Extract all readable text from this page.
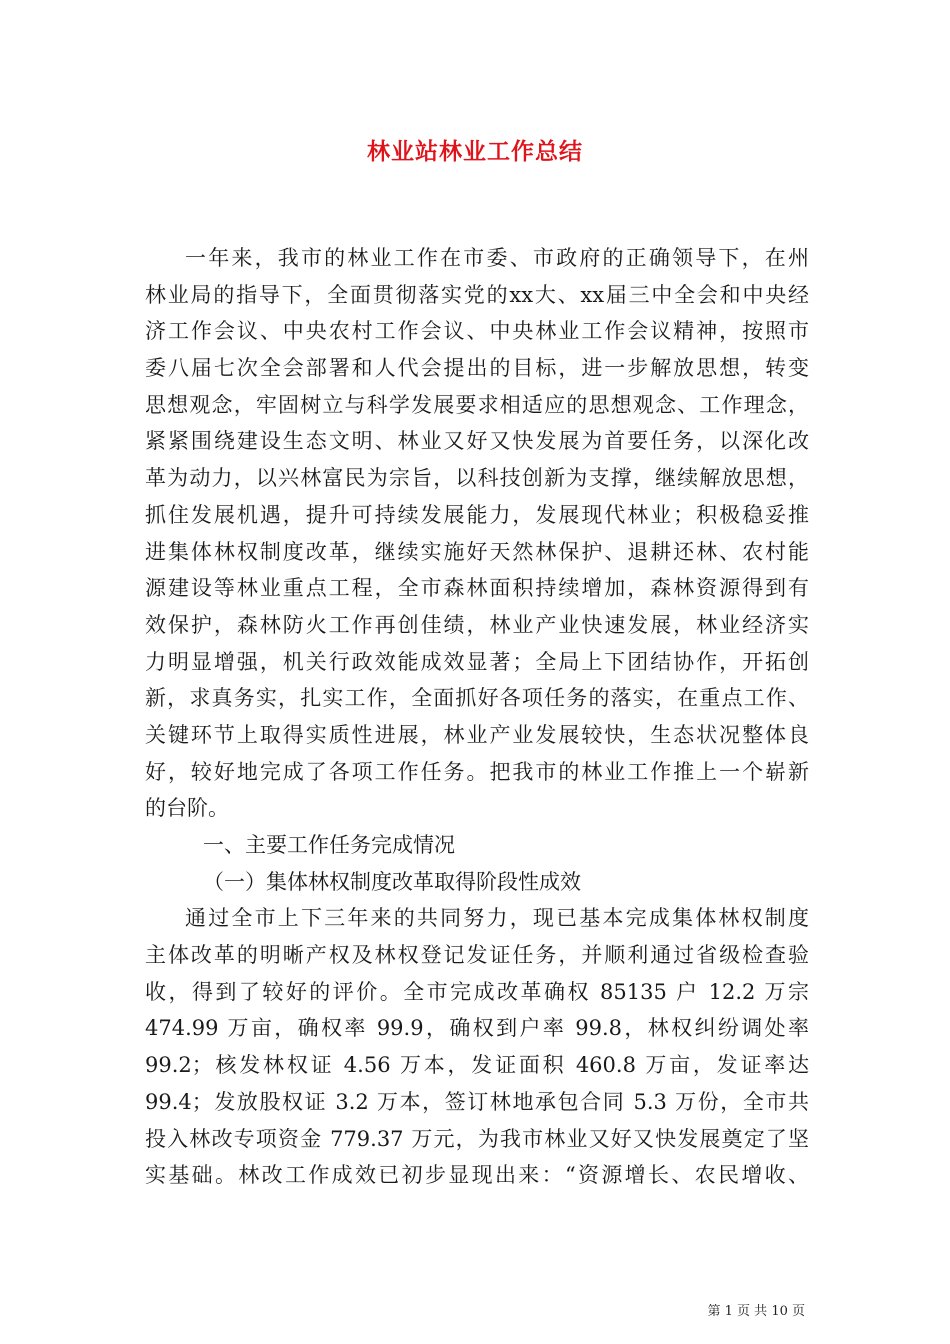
林业站林业工作总结
一年来，我市的林业工作在市委、市政府的正确领导下，在州
林业局的指导下，全面贯彻落实党的xx大、xx届三中全会和中央经
济工作会议、中央农村工作会议、中央林业工作会议精神，按照市
委八届七次全会部署和人代会提出的目标，进一步解放思想，转变
思想观念，牢固树立与科学发展要求相适应的思想观念、工作理念，
紧紧围绕建设生态文明、林业又好又快发展为首要任务，以深化改
革为动力，以兴林富民为宗旨，以科技创新为支撑，继续解放思想，
抓住发展机遇，提升可持续发展能力，发展现代林业；积极稳妥推
进集体林权制度改革，继续实施好天然林保护、退耕还林、农村能
源建设等林业重点工程，全市森林面积持续增加，森林资源得到有
效保护，森林防火工作再创佳绩，林业产业快速发展，林业经济实
力明显增强，机关行政效能成效显著；全局上下团结协作，开拓创
新，求真务实，扎实工作，全面抓好各项任务的落实，在重点工作、
关键环节上取得实质性进展，林业产业发展较快，生态状况整体良
好，较好地完成了各项工作任务。把我市的林业工作推上一个崭新
的台阶。
一、主要工作任务完成情况
（一）集体林权制度改革取得阶段性成效
通过全市上下三年来的共同努力，现已基本完成集体林权制度
主体改革的明晰产权及林权登记发证任务，并顺利通过省级检查验
收，得到了较好的评价。全市完成改革确权 85135 户 12.2 万宗
474.99 万亩，确权率 99.9，确权到户率 99.8，林权纠纷调处率
99.2；核发林权证 4.56 万本，发证面积 460.8 万亩，发证率达
99.4；发放股权证 3.2 万本，签订林地承包合同 5.3 万份，全市共
投入林改专项资金 779.37 万元，为我市林业又好又快发展奠定了坚
实基础。林改工作成效已初步显现出来：“资源增长、农民增收、
第 1 页 共 10 页
